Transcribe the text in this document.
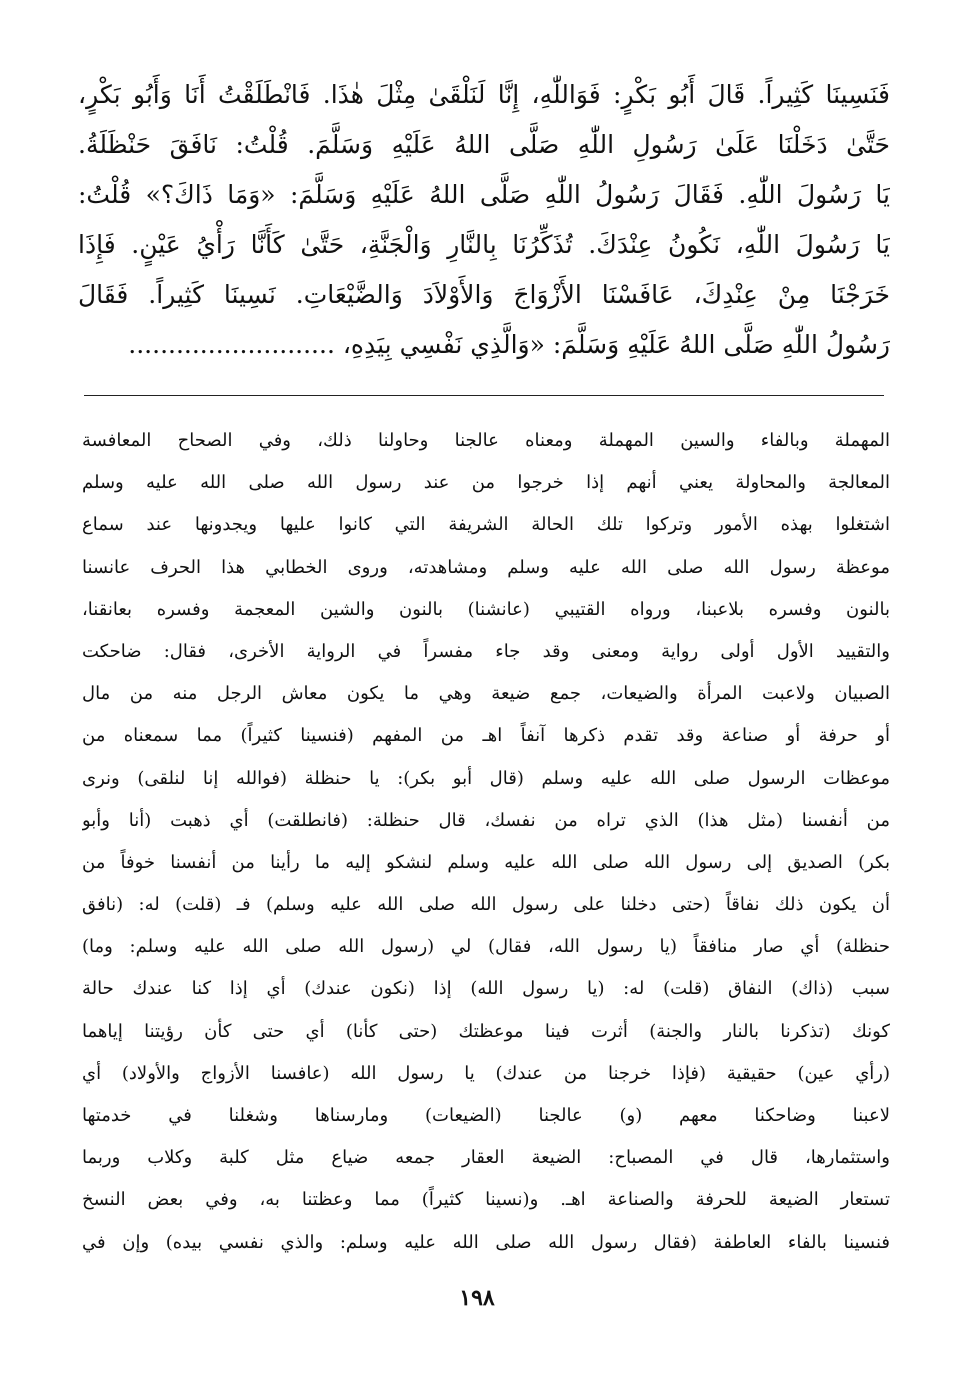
فَنَسِينَا كَثِيراً. قَالَ أَبُو بَكْرٍ: فَوَاللّٰهِ، إِنَّا لَنَلْقَىٰ مِثْلَ هٰذَا. فَانْطَلَقْتُ أَنَا وَأَبُو بَكْرٍ،
حَتَّىٰ دَخَلْنَا عَلَىٰ رَسُولِ اللّٰهِ صَلَّى اللهُ عَلَيْهِ وَسَلَّمَ. قُلْتُ: نَافَقَ حَنْظَلَةُ.
يَا رَسُولَ اللّٰهِ. فَقَالَ رَسُولُ اللّٰهِ صَلَّى اللهُ عَلَيْهِ وَسَلَّمَ: «وَمَا ذَاكَ؟» قُلْتُ:
يَا رَسُولَ اللّٰهِ، نَكُونُ عِنْدَكَ. تُذَكِّرُنَا بِالنَّارِ وَالْجَنَّةِ، حَتَّىٰ كَأَنَّا رَأْيُ عَيْنٍ. فَإِذَا
خَرَجْنَا مِنْ عِنْدِكَ، عَافَسْنَا الأَزْوَاجَ وَالأَوْلاَدَ وَالضَّيْعَاتِ. نَسِينَا كَثِيراً. فَقَالَ
رَسُولُ اللّٰهِ صَلَّى اللهُ عَلَيْهِ وَسَلَّمَ: «وَالَّذِي نَفْسِي بِيَدِهِ، ..........................
المهملة وبالفاء والسين المهملة ومعناه عالجنا وحاولنا ذلك، وفي الصحاح المعافسة
المعالجة والمحاولة يعني أنهم إذا خرجوا من عند رسول الله صلى الله عليه وسلم
اشتغلوا بهذه الأمور وتركوا تلك الحالة الشريفة التي كانوا عليها ويجدونها عند سماع
موعظة رسول الله صلى الله عليه وسلم ومشاهدته، وروى الخطابي هذا الحرف عانسنا
بالنون وفسره بلاعبنا، ورواه القتيبي (عانشنا) بالنون والشين المعجمة وفسره بعانقنا،
والتقييد الأول أولى رواية ومعنى وقد جاء مفسراً في الرواية الأخرى، فقال: ضاحكت
الصبيان ولاعبت المرأة والضيعات، جمع ضيعة وهي ما يكون معاش الرجل منه من مال
أو حرفة أو صناعة وقد تقدم ذكرها آنفاً اهـ من المفهم (فنسينا كثيراً) مما سمعناه من
موعظات الرسول صلى الله عليه وسلم (قال أبو بكر): يا حنظلة (فوالله إنا لنلقى) ونرى
من أنفسنا (مثل هذا) الذي تراه من نفسك، قال حنظلة: (فانطلقت) أي ذهبت (أنا وأبو
بكر) الصديق إلى رسول الله صلى الله عليه وسلم لنشكو إليه ما رأينا من أنفسنا خوفاً من
أن يكون ذلك نفاقاً (حتى دخلنا على رسول الله صلى الله عليه وسلم) فـ (قلت) له: (نافق
حنظلة) أي صار منافقاً (يا رسول الله، فقال) لي (رسول الله صلى الله عليه وسلم: وما)
سبب (ذاك) النفاق (قلت) له: (يا رسول الله) إذا (نكون عندك) أي إذا كنا عندك حالة
كونك (تذكرنا بالنار والجنة) أثرت فينا موعظتك (حتى كأنا) أي حتى كأن رؤيتنا إياهما
(رأي عين) حقيقية (فإذا خرجنا من عندك) يا رسول الله (عافسنا الأزواج والأولاد) أي
لاعبنا وضاحكنا معهم (و) عالجنا (الضيعات) ومارسناها وشغلنا في خدمتها
واستثمارها، قال في المصباح: الضيعة العقار جمعه ضياع مثل كلبة وكلاب وربما
تستعار الضيعة للحرفة والصناعة اهـ. و(نسينا كثيراً) مما وعظتنا به، وفي بعض النسخ
فنسينا بالفاء العاطفة (فقال رسول الله صلى الله عليه وسلم: والذي نفسي بيده) وإن في
١٩٨
